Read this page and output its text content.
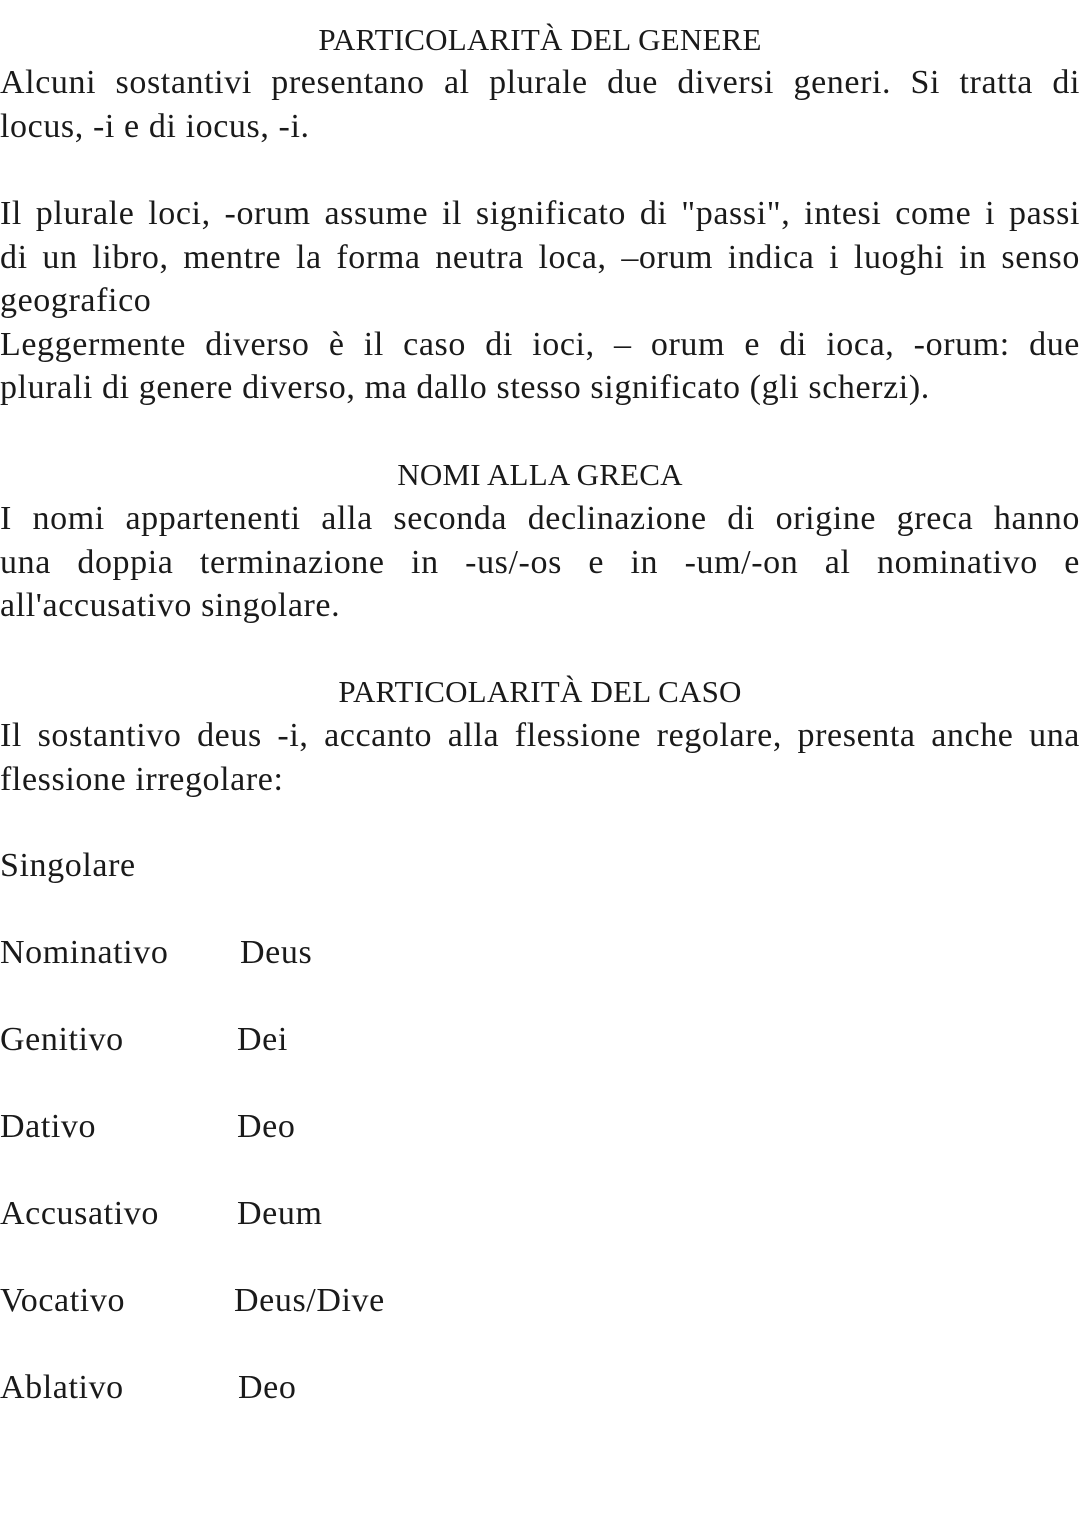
PARTICOLARITÀ DEL GENERE

Alcuni sostantivi presentano al plurale due diversi generi. Si tratta di
locus, -i e di iocus, -i.

Il plurale loci, -orum assume il significato di "passi", intesi come i passi
di un libro, mentre la forma neutra loca, –orum indica i luoghi in senso
geografico
Leggermente diverso è il caso di ioci, – orum e di ioca, -orum: due
plurali di genere diverso, ma dallo stesso significato (gli scherzi).

NOMI ALLA GRECA

I nomi appartenenti alla seconda declinazione di origine greca hanno
una doppia terminazione in -us/-os e in -um/-on al nominativo e
all'accusativo singolare.

PARTICOLARITÀ DEL CASO

Il sostantivo deus -i, accanto alla flessione regolare, presenta anche una
flessione irregolare:

Singolare
Nominativo Deus
Genitivo	Dei
Dativo	Deo
Accusativo Deum
Vocativo	Deus/Dive
Ablativo	Deo
